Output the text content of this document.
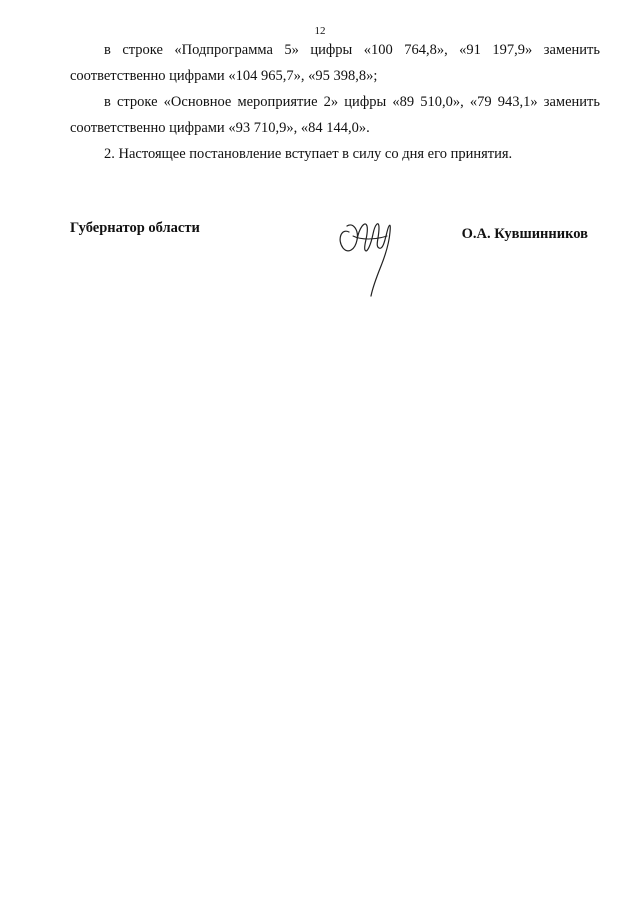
12

в строке «Подпрограмма 5» цифры «100 764,8», «91 197,9» заменить

соответственно цифрами «104 965,7», «95 398,8»;

в строке «Основное мероприятие 2» цифры «89 510,0», «79 943,1» заменить

соответственно цифрами «93 710,9», «84 144,0».

2. Настоящее постановление вступает в силу со дня его принятия.

Губернатор области	О.А. Кувшинников
